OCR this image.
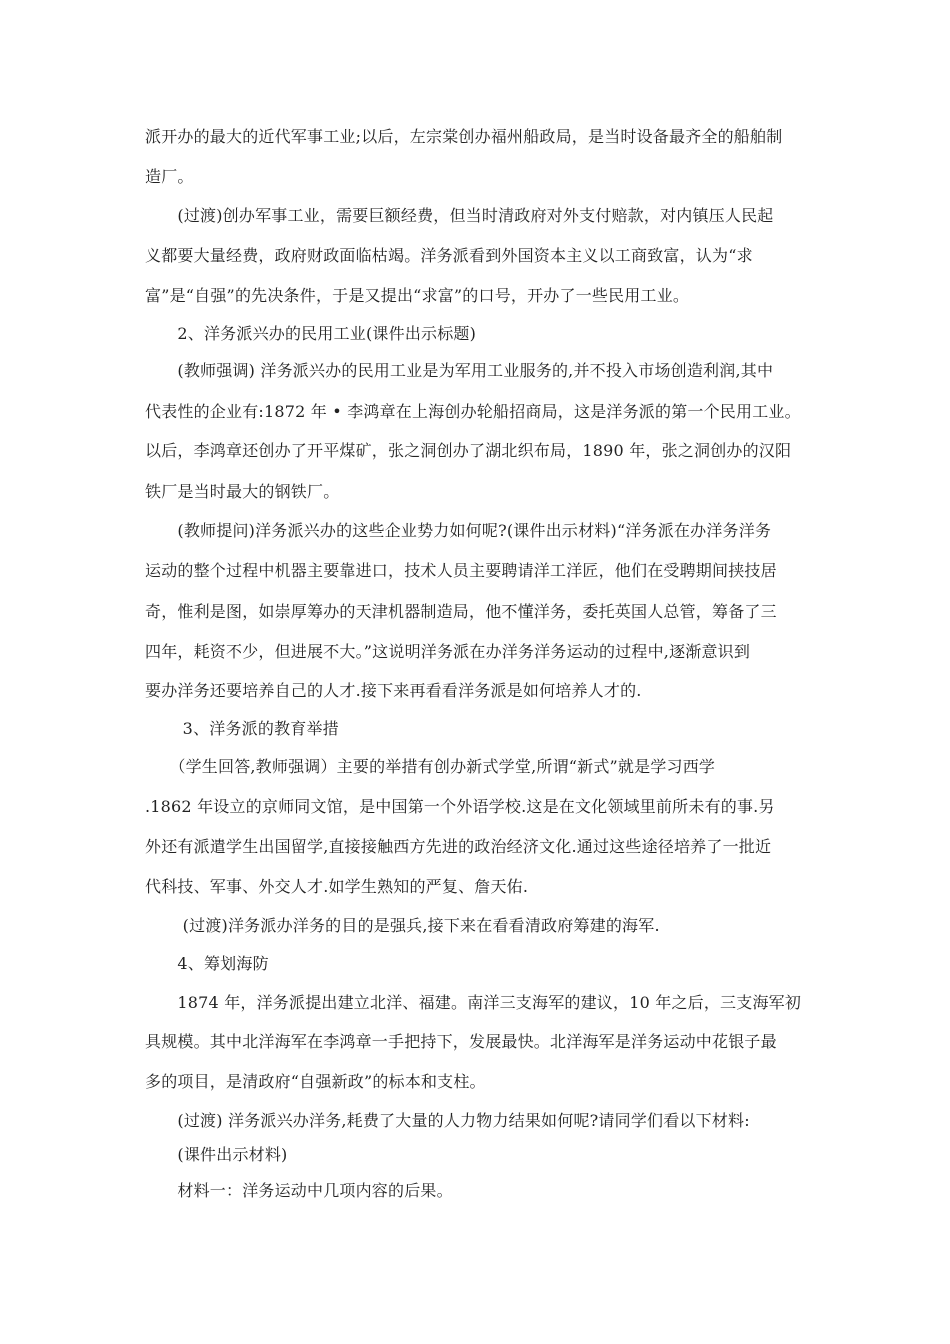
派开办的最大的近代军事工业;以后，左宗棠创办福州船政局，是当时设备最齐全的船舶制
造厂。
　　(过渡)创办军事工业，需要巨额经费，但当时清政府对外支付赔款，对内镇压人民起
义都要大量经费，政府财政面临枯竭。洋务派看到外国资本主义以工商致富，认为“求
富”是“自强”的先决条件，于是又提出“求富”的口号，开办了一些民用工业。
　　2、洋务派兴办的民用工业(课件出示标题)
　　(教师强调) 洋务派兴办的民用工业是为军用工业服务的,并不投入市场创造利润,其中
代表性的企业有:1872 年 • 李鸿章在上海创办轮船招商局，这是洋务派的第一个民用工业。
以后，李鸿章还创办了开平煤矿，张之洞创办了湖北织布局，1890 年，张之洞创办的汉阳
铁厂是当时最大的钢铁厂。
　　(教师提问)洋务派兴办的这些企业势力如何呢?(课件出示材料)“洋务派在办洋务洋务
运动的整个过程中机器主要靠进口，技术人员主要聘请洋工洋匠，他们在受聘期间挟技居
奇，惟利是图，如崇厚筹办的天津机器制造局，他不懂洋务，委托英国人总管，筹备了三
四年，耗资不少，但进展不大。”这说明洋务派在办洋务洋务运动的过程中,逐渐意识到
要办洋务还要培养自己的人才.接下来再看看洋务派是如何培养人才的.
　　 3、洋务派的教育举措
　　（学生回答,教师强调）主要的举措有创办新式学堂,所谓“新式”就是学习西学
.1862 年设立的京师同文馆，是中国第一个外语学校.这是在文化领域里前所未有的事.另
外还有派遣学生出国留学,直接接触西方先进的政治经济文化.通过这些途径培养了一批近
代科技、军事、外交人才.如学生熟知的严复、詹天佑.
　　 (过渡)洋务派办洋务的目的是强兵,接下来在看看清政府筹建的海军.
　　4、筹划海防
　　1874 年，洋务派提出建立北洋、福建。南洋三支海军的建议，10 年之后，三支海军初
具规模。其中北洋海军在李鸿章一手把持下，发展最快。北洋海军是洋务运动中花银子最
多的项目，是清政府“自强新政”的标本和支柱。
　　(过渡) 洋务派兴办洋务,耗费了大量的人力物力结果如何呢?请同学们看以下材料:
　　(课件出示材料)
　　材料一：洋务运动中几项内容的后果。
